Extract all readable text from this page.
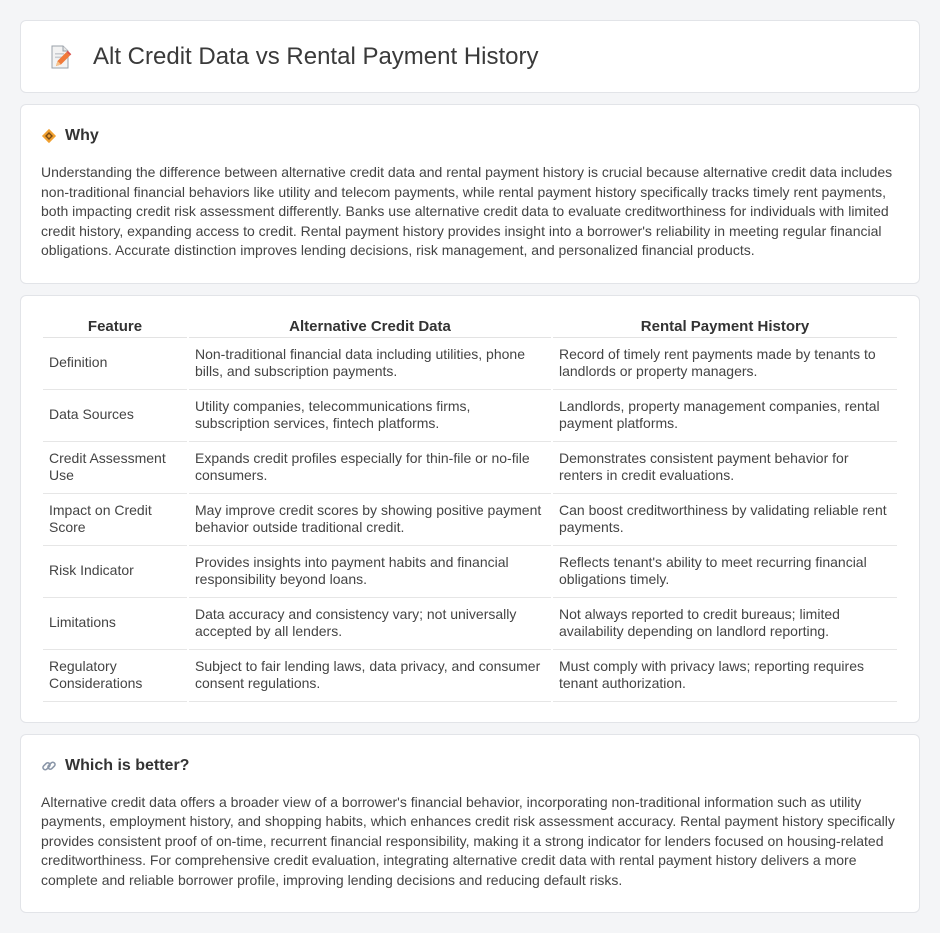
Alt Credit Data vs Rental Payment History
Why

Understanding the difference between alternative credit data and rental payment history is crucial because alternative credit data includes non-traditional financial behaviors like utility and telecom payments, while rental payment history specifically tracks timely rent payments, both impacting credit risk assessment differently. Banks use alternative credit data to evaluate creditworthiness for individuals with limited credit history, expanding access to credit. Rental payment history provides insight into a borrower's reliability in meeting regular financial obligations. Accurate distinction improves lending decisions, risk management, and personalized financial products.

Feature	Alternative Credit Data	Rental Payment History
Definition	Non-traditional financial data including utilities, phone bills, and subscription payments.	Record of timely rent payments made by tenants to landlords or property managers.
Data Sources	Utility companies, telecommunications firms, subscription services, fintech platforms.	Landlords, property management companies, rental payment platforms.
Credit Assessment Use	Expands credit profiles especially for thin-file or no-file consumers.	Demonstrates consistent payment behavior for renters in credit evaluations.
Impact on Credit Score	May improve credit scores by showing positive payment behavior outside traditional credit.	Can boost creditworthiness by validating reliable rent payments.
Risk Indicator	Provides insights into payment habits and financial responsibility beyond loans.	Reflects tenant's ability to meet recurring financial obligations timely.
Limitations	Data accuracy and consistency vary; not universally accepted by all lenders.	Not always reported to credit bureaus; limited availability depending on landlord reporting.
Regulatory Considerations	Subject to fair lending laws, data privacy, and consumer consent regulations.	Must comply with privacy laws; reporting requires tenant authorization.
Which is better?

Alternative credit data offers a broader view of a borrower's financial behavior, incorporating non-traditional information such as utility payments, employment history, and shopping habits, which enhances credit risk assessment accuracy. Rental payment history specifically provides consistent proof of on-time, recurrent financial responsibility, making it a strong indicator for lenders focused on housing-related creditworthiness. For comprehensive credit evaluation, integrating alternative credit data with rental payment history delivers a more complete and reliable borrower profile, improving lending decisions and reducing default risks.
